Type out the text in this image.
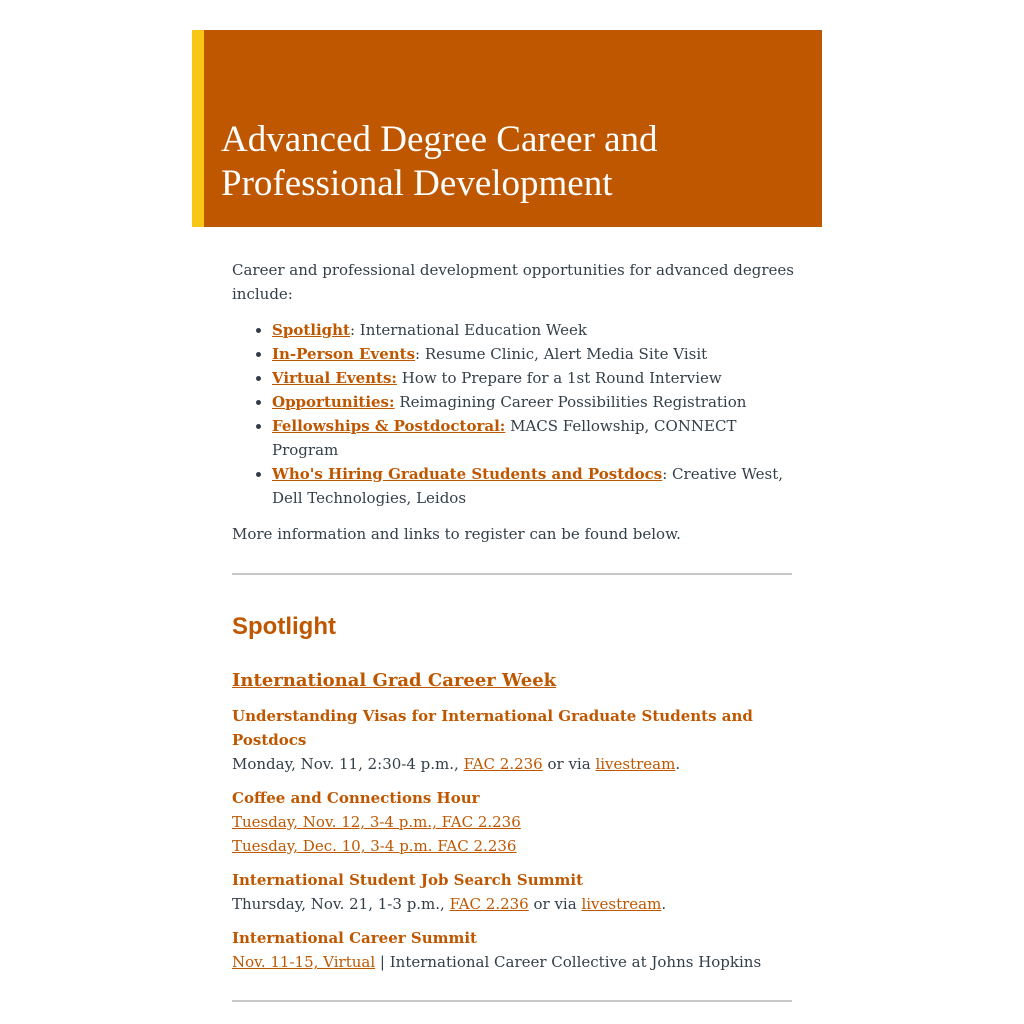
Advanced Degree Career and
Professional Development

Career and professional development opportunities for advanced degrees include:

• Spotlight: International Education Week
• In-Person Events: Resume Clinic, Alert Media Site Visit
• Virtual Events: How to Prepare for a 1st Round Interview
• Opportunities: Reimagining Career Possibilities Registration
• Fellowships & Postdoctoral: MACS Fellowship, CONNECT Program
• Who's Hiring Graduate Students and Postdocs: Creative West, Dell Technologies, Leidos

More information and links to register can be found below.

Spotlight
International Grad Career Week
Understanding Visas for International Graduate Students and Postdocs
Monday, Nov. 11, 2:30-4 p.m., FAC 2.236 or via livestream.
Coffee and Connections Hour
Tuesday, Nov. 12, 3-4 p.m., FAC 2.236
Tuesday, Dec. 10, 3-4 p.m. FAC 2.236
International Student Job Search Summit
Thursday, Nov. 21, 1-3 p.m., FAC 2.236 or via livestream.
International Career Summit
Nov. 11-15, Virtual | International Career Collective at Johns Hopkins
